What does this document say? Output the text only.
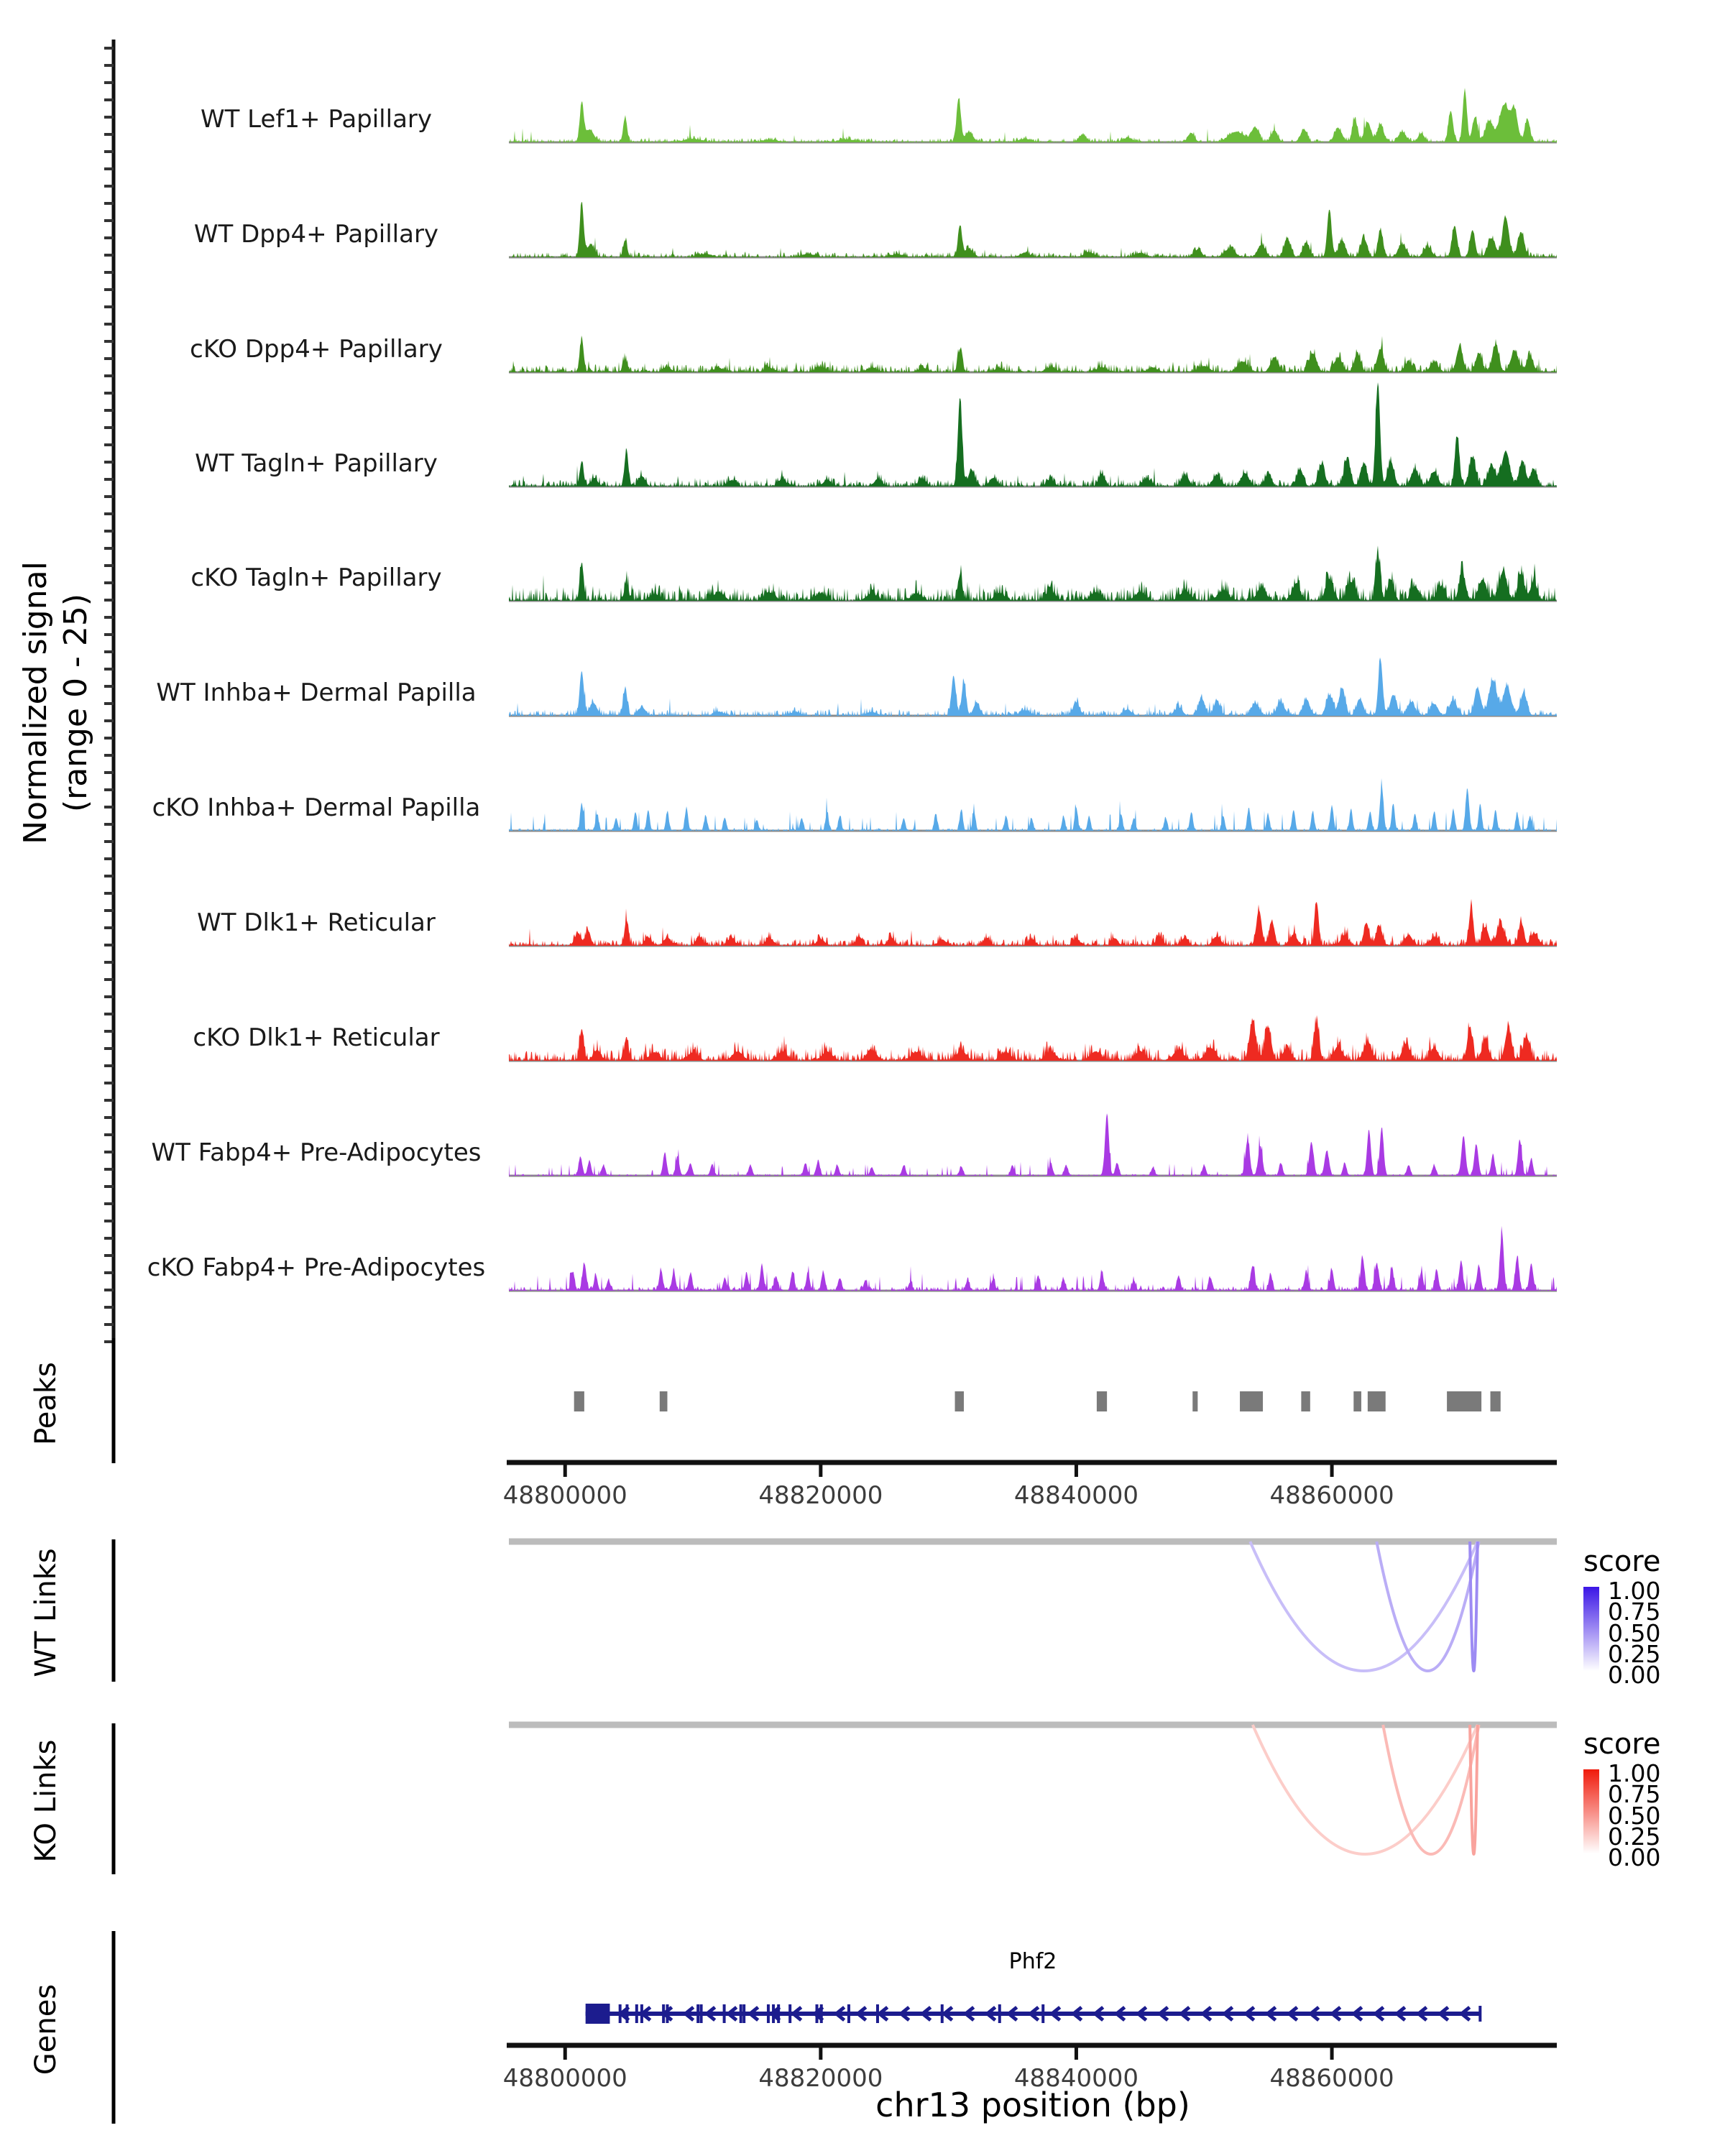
Normalized signal (range 0 - 25)
Peaks
WT Links
KO Links
Genes
score
score
Phf2
chr13 position (bp)
WT Lef1+ Papillary
WT Dpp4+ Papillary
cKO Dpp4+ Papillary
WT Tagln+ Papillary
cKO Tagln+ Papillary
WT Inhba+ Dermal Papilla
cKO Inhba+ Dermal Papilla
WT Dlk1+ Reticular
cKO Dlk1+ Reticular
WT Fabp4+ Pre-Adipocytes
cKO Fabp4+ Pre-Adipocytes
48800000	48820000	48840000	48860000
48800000	48820000	48840000	48860000
1.00
0.75
0.50
0.25
0.00
1.00
0.75
0.50
0.25
0.00
